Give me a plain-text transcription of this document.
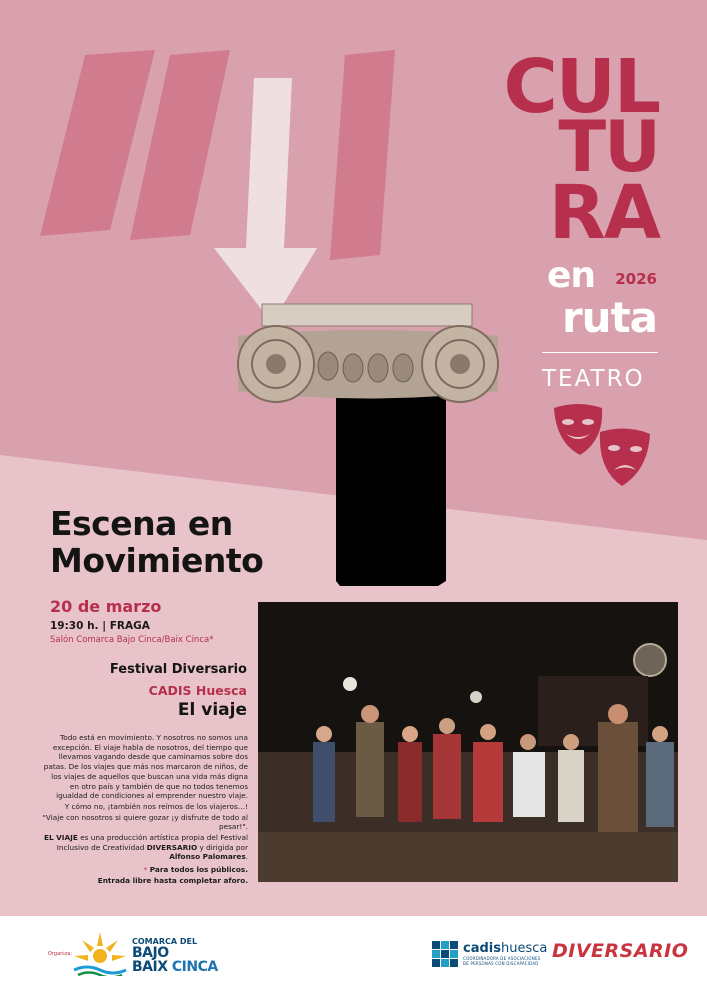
CUL
TU
RA
en 2026
ruta
TEATRO
Escena en
Movimiento
20 de marzo
19:30 h. | FRAGA
Salón Comarca Bajo Cinca/Baix Cinca*
Festival Diversario
CADIS Huesca
El viaje

Todo está en movimiento. Y nosotros no somos una excepción. El viaje habla de nosotros, del tiempo que llevamos vagando desde que caminamos sobre dos patas. De los viajes que más nos marcaron de niños, de los viajes de aquellos que buscan una vida más digna en otro país y también de que no todos tenemos igualdad de condiciones al emprender nuestro viaje.

Y cómo no, ¡también nos reímos de los viajeros…!

"Viaje con nosotros si quiere gozar ¡y disfrute de todo al pesar!".

EL VIAJE es una producción artística propia del Festival Inclusivo de Creatividad DIVERSARIO y dirigida por Alfonso Palomares.

* Para todos los públicos.

Entrada libre hasta completar aforo.

Organiza:
COMARCA DEL
BAJO
BAIX CINCA
cadishuesca
COORDINADORA DE ASOCIACIONES
DE PERSONAS CON DISCAPACIDAD
DIVERSARIO
